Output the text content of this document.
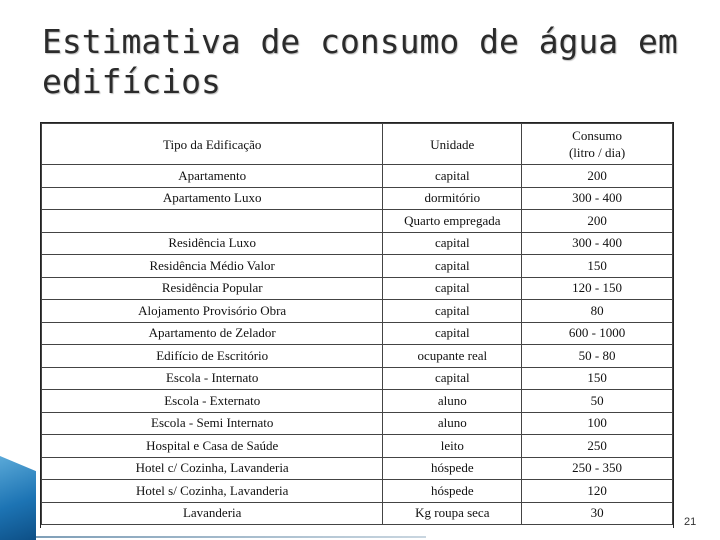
Estimativa de consumo de água em edifícios
Tipo da Edificação	Unidade	Consumo
(litro / dia)

Apartamento	capital	200
Apartamento Luxo	dormitório	300 - 400
	Quarto empregada	200
Residência Luxo	capital	300 - 400
Residência Médio Valor	capital	150
Residência Popular	capital	120 - 150
Alojamento Provisório Obra	capital	80
Apartamento de Zelador	capital	600 - 1000
Edifício de Escritório	ocupante real	50 - 80
Escola - Internato	capital	150
Escola - Externato	aluno	50
Escola - Semi Internato	aluno	100
Hospital e Casa de Saúde	leito	250
Hotel c/ Cozinha, Lavanderia	hóspede	250 - 350
Hotel s/ Cozinha, Lavanderia	hóspede	120
Lavanderia	Kg roupa seca	30
21
